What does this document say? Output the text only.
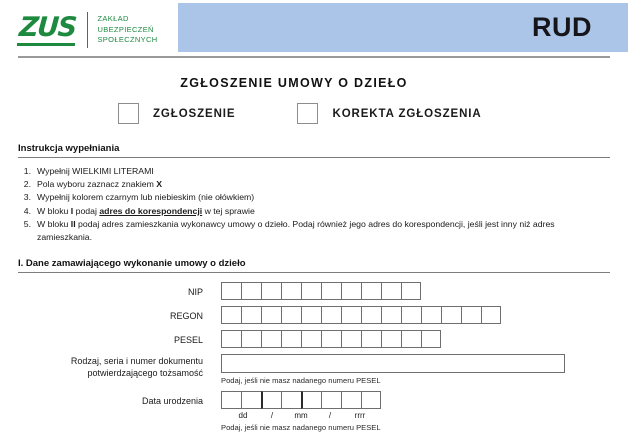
ZUS	ZAKŁAD
UBEZPIECZEŃ
SPOŁECZNYCH	RUD
ZGŁOSZENIE UMOWY O DZIEŁO
ZGŁOSZENIE	KOREKTA ZGŁOSZENIA
Instrukcja wypełniania
1. Wypełnij WIELKIMI LITERAMI
2. Pola wyboru zaznacz znakiem X
3. Wypełnij kolorem czarnym lub niebieskim (nie ołówkiem)
4. W bloku I podaj adres do korespondencji w tej sprawie
5. W bloku II podaj adres zamieszkania wykonawcy umowy o dzieło. Podaj również jego adres do korespondencji, jeśli jest inny niż adres zamieszkania.
I. Dane zamawiającego wykonanie umowy o dzieło
NIP
REGON
PESEL
Rodzaj, seria i numer dokumentu
potwierdzającego tożsamość
Podaj, jeśli nie masz nadanego numeru PESEL
Data urodzenia
dd	/	mm	/	rrrr
Podaj, jeśli nie masz nadanego numeru PESEL
